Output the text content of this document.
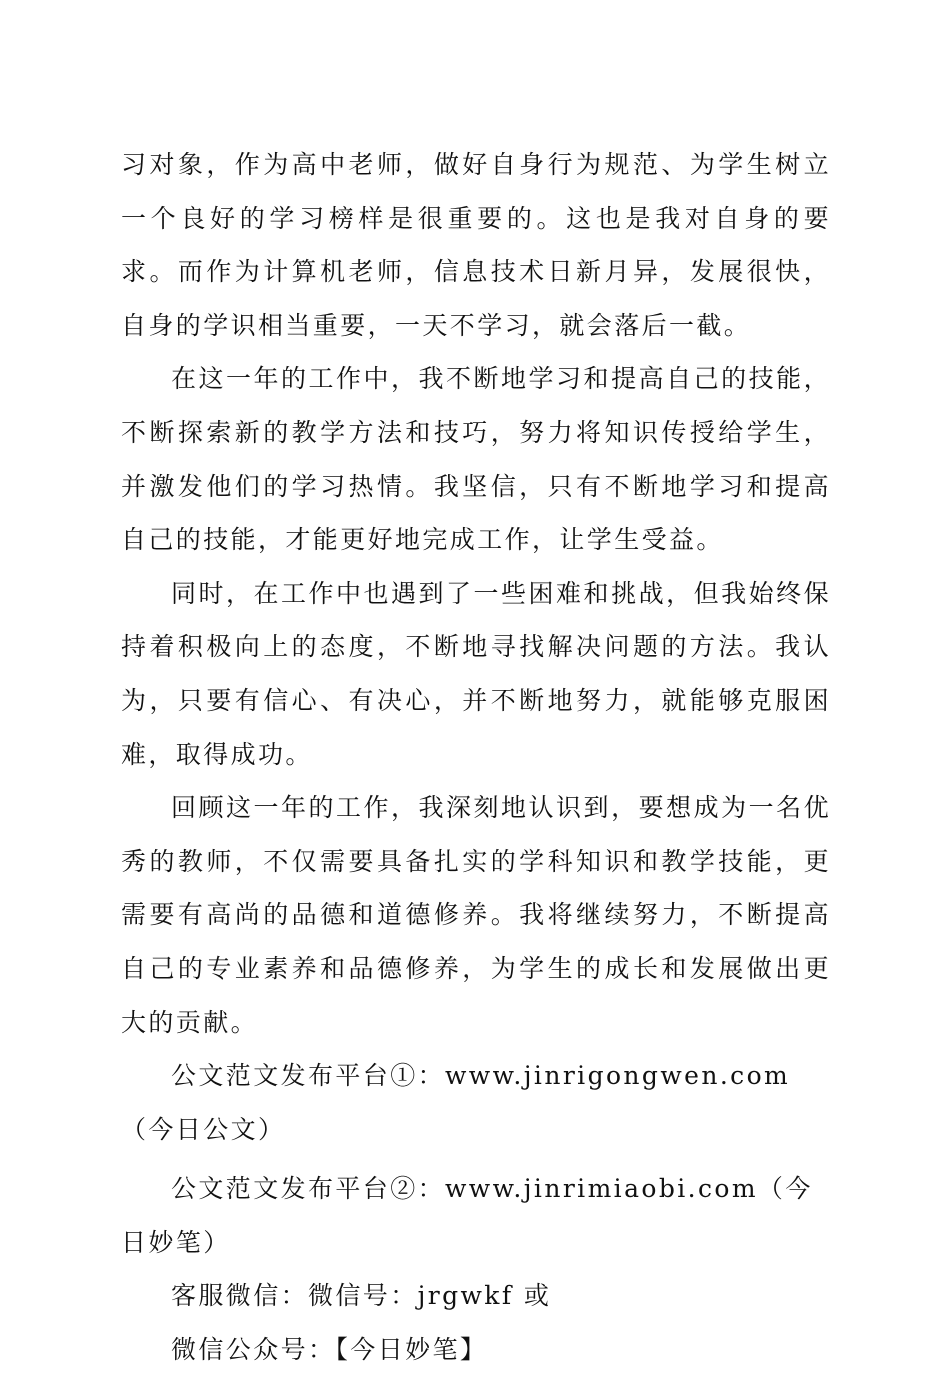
习对象，作为高中老师，做好自身行为规范、为学生树立一个良好的学习榜样是很重要的。这也是我对自身的要求。而作为计算机老师，信息技术日新月异，发展很快，自身的学识相当重要，一天不学习，就会落后一截。

在这一年的工作中，我不断地学习和提高自己的技能，不断探索新的教学方法和技巧，努力将知识传授给学生，并激发他们的学习热情。我坚信，只有不断地学习和提高自己的技能，才能更好地完成工作，让学生受益。

同时，在工作中也遇到了一些困难和挑战，但我始终保持着积极向上的态度，不断地寻找解决问题的方法。我认为，只要有信心、有决心，并不断地努力，就能够克服困难，取得成功。

回顾这一年的工作，我深刻地认识到，要想成为一名优秀的教师，不仅需要具备扎实的学科知识和教学技能，更需要有高尚的品德和道德修养。我将继续努力，不断提高自己的专业素养和品德修养，为学生的成长和发展做出更大的贡献。

公文范文发布平台①：www.jinrigongwen.com（今日公文）

公文范文发布平台②：www.jinrimiaobi.com（今日妙笔）

客服微信：微信号：jrgwkf 或

微信公众号：【今日妙笔】
